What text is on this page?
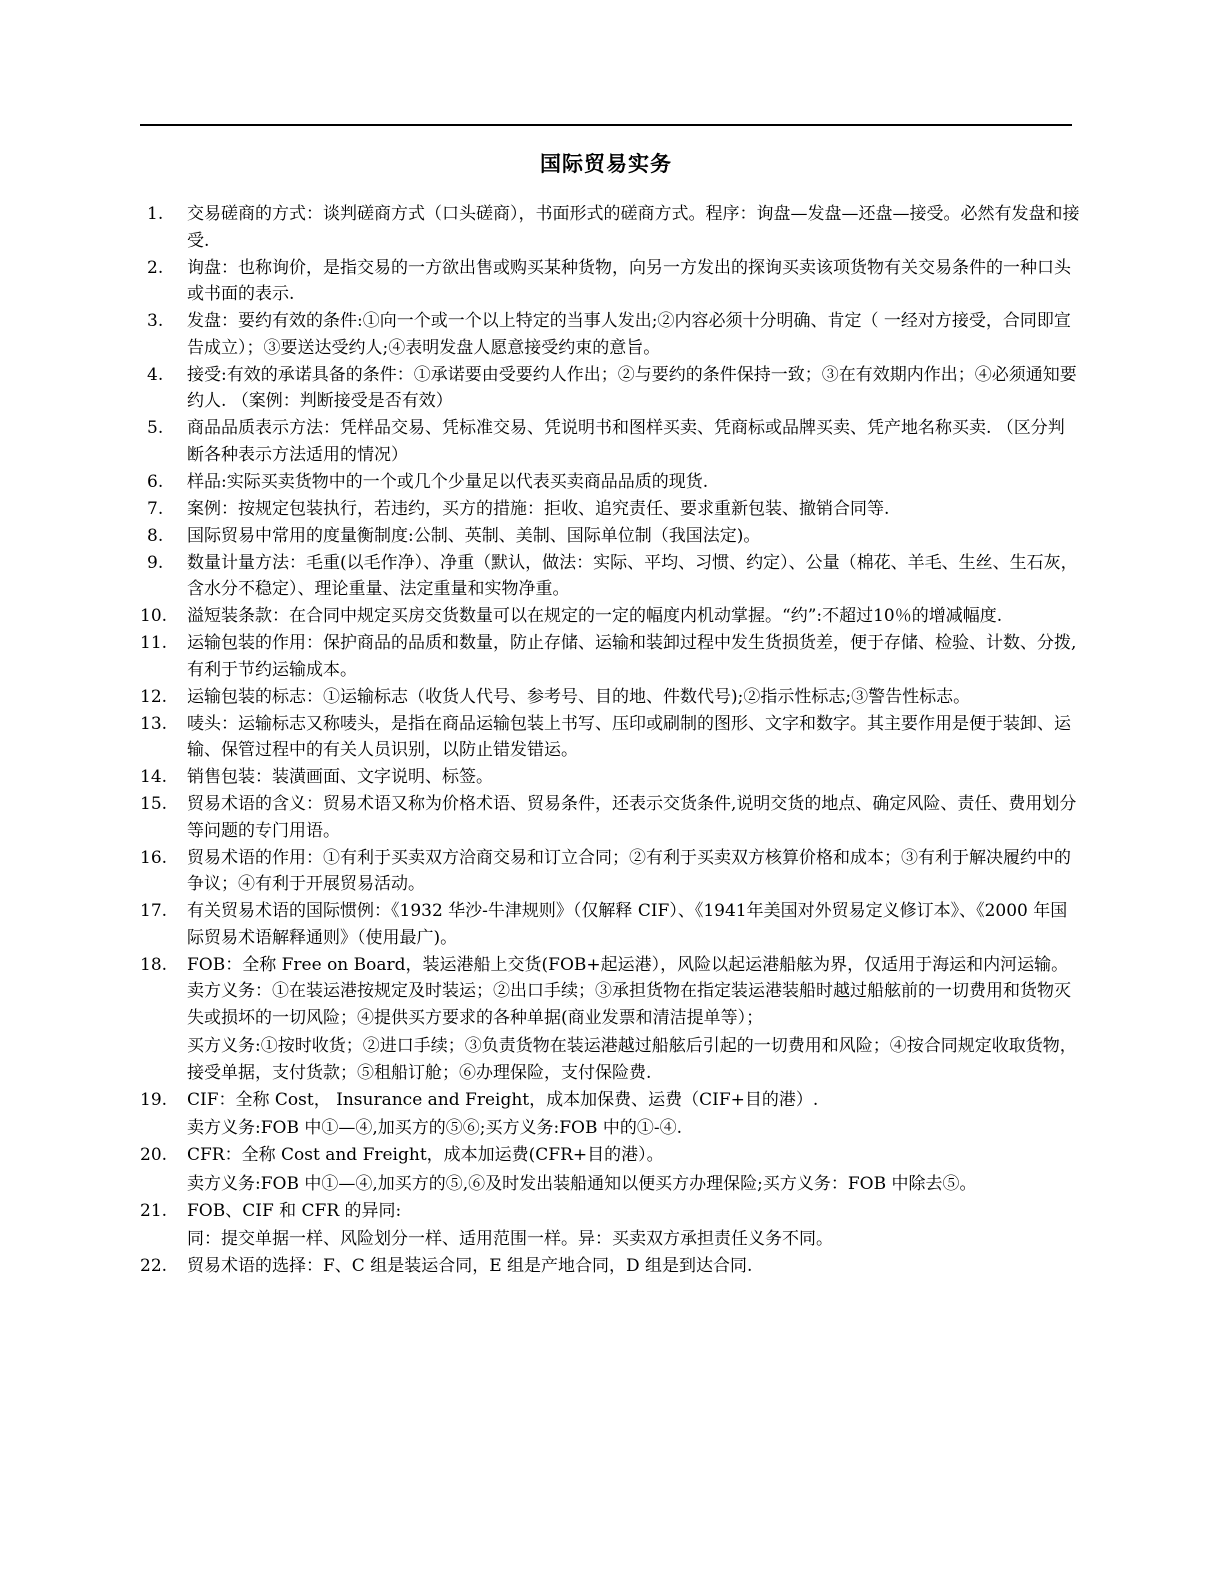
国际贸易实务
1.	交易磋商的方式：谈判磋商方式（口头磋商），书面形式的磋商方式。程序：询盘—发盘—还盘—接受。必然有发盘和接受.
2.	询盘：也称询价，是指交易的一方欲出售或购买某种货物，向另一方发出的探询买卖该项货物有关交易条件的一种口头或书面的表示.
3.	发盘：要约有效的条件:①向一个或一个以上特定的当事人发出;②内容必须十分明确、肯定（ 一经对方接受，合同即宣告成立）；③要送达受约人;④表明发盘人愿意接受约束的意旨。
4.	接受:有效的承诺具备的条件：①承诺要由受要约人作出；②与要约的条件保持一致；③在有效期内作出；④必须通知要约人. （案例：判断接受是否有效）
5.	商品品质表示方法：凭样品交易、凭标准交易、凭说明书和图样买卖、凭商标或品牌买卖、凭产地名称买卖. （区分判断各种表示方法适用的情况）
6.	样品:实际买卖货物中的一个或几个少量足以代表买卖商品品质的现货.
7.	案例：按规定包装执行，若违约，买方的措施：拒收、追究责任、要求重新包装、撤销合同等.
8.	国际贸易中常用的度量衡制度:公制、英制、美制、国际单位制（我国法定)。
9.	数量计量方法：毛重(以毛作净）、净重（默认，做法：实际、平均、习惯、约定）、公量（棉花、羊毛、生丝、生石灰，含水分不稳定）、理论重量、法定重量和实物净重。
10.	溢短装条款：在合同中规定买房交货数量可以在规定的一定的幅度内机动掌握。“约”:不超过10％的增减幅度.
11.	运输包装的作用：保护商品的品质和数量，防止存储、运输和装卸过程中发生货损货差，便于存储、检验、计数、分拨,有利于节约运输成本。
12.	运输包装的标志：①运输标志（收货人代号、参考号、目的地、件数代号);②指示性标志;③警告性标志。
13.	唛头：运输标志又称唛头，是指在商品运输包装上书写、压印或刷制的图形、文字和数字。其主要作用是便于装卸、运输、保管过程中的有关人员识别，以防止错发错运。
14.	销售包装：装潢画面、文字说明、标签。
15.	贸易术语的含义：贸易术语又称为价格术语、贸易条件，还表示交货条件,说明交货的地点、确定风险、责任、费用划分等问题的专门用语。
16.	贸易术语的作用：①有利于买卖双方洽商交易和订立合同；②有利于买卖双方核算价格和成本；③有利于解决履约中的争议；④有利于开展贸易活动。
17.	有关贸易术语的国际惯例：《1932 华沙-牛津规则》（仅解释 CIF）、《1941年美国对外贸易定义修订本》、《2000 年国际贸易术语解释通则》（使用最广)。
18.	FOB：全称 Free on Board，装运港船上交货(FOB+起运港），风险以起运港船舷为界，仅适用于海运和内河运输。卖方义务：①在装运港按规定及时装运；②出口手续；③承担货物在指定装运港装船时越过船舷前的一切费用和货物灭失或损坏的一切风险；④提供买方要求的各种单据(商业发票和清洁提单等）；
买方义务:①按时收货；②进口手续；③负责货物在装运港越过船舷后引起的一切费用和风险；④按合同规定收取货物，接受单据，支付货款；⑤租船订舱；⑥办理保险，支付保险费.
19.	CIF：全称 Cost， Insurance and Freight，成本加保费、运费（CIF+目的港）.
卖方义务:FOB 中①—④,加买方的⑤⑥;买方义务:FOB 中的①-④.
20.	CFR：全称 Cost and Freight，成本加运费(CFR+目的港）。
卖方义务:FOB 中①—④,加买方的⑤,⑥及时发出装船通知以便买方办理保险;买方义务：FOB 中除去⑤。
21.	FOB、CIF 和 CFR 的异同:
同：提交单据一样、风险划分一样、适用范围一样。异：买卖双方承担责任义务不同。
22.	贸易术语的选择：F、C 组是装运合同，E 组是产地合同，D 组是到达合同.
